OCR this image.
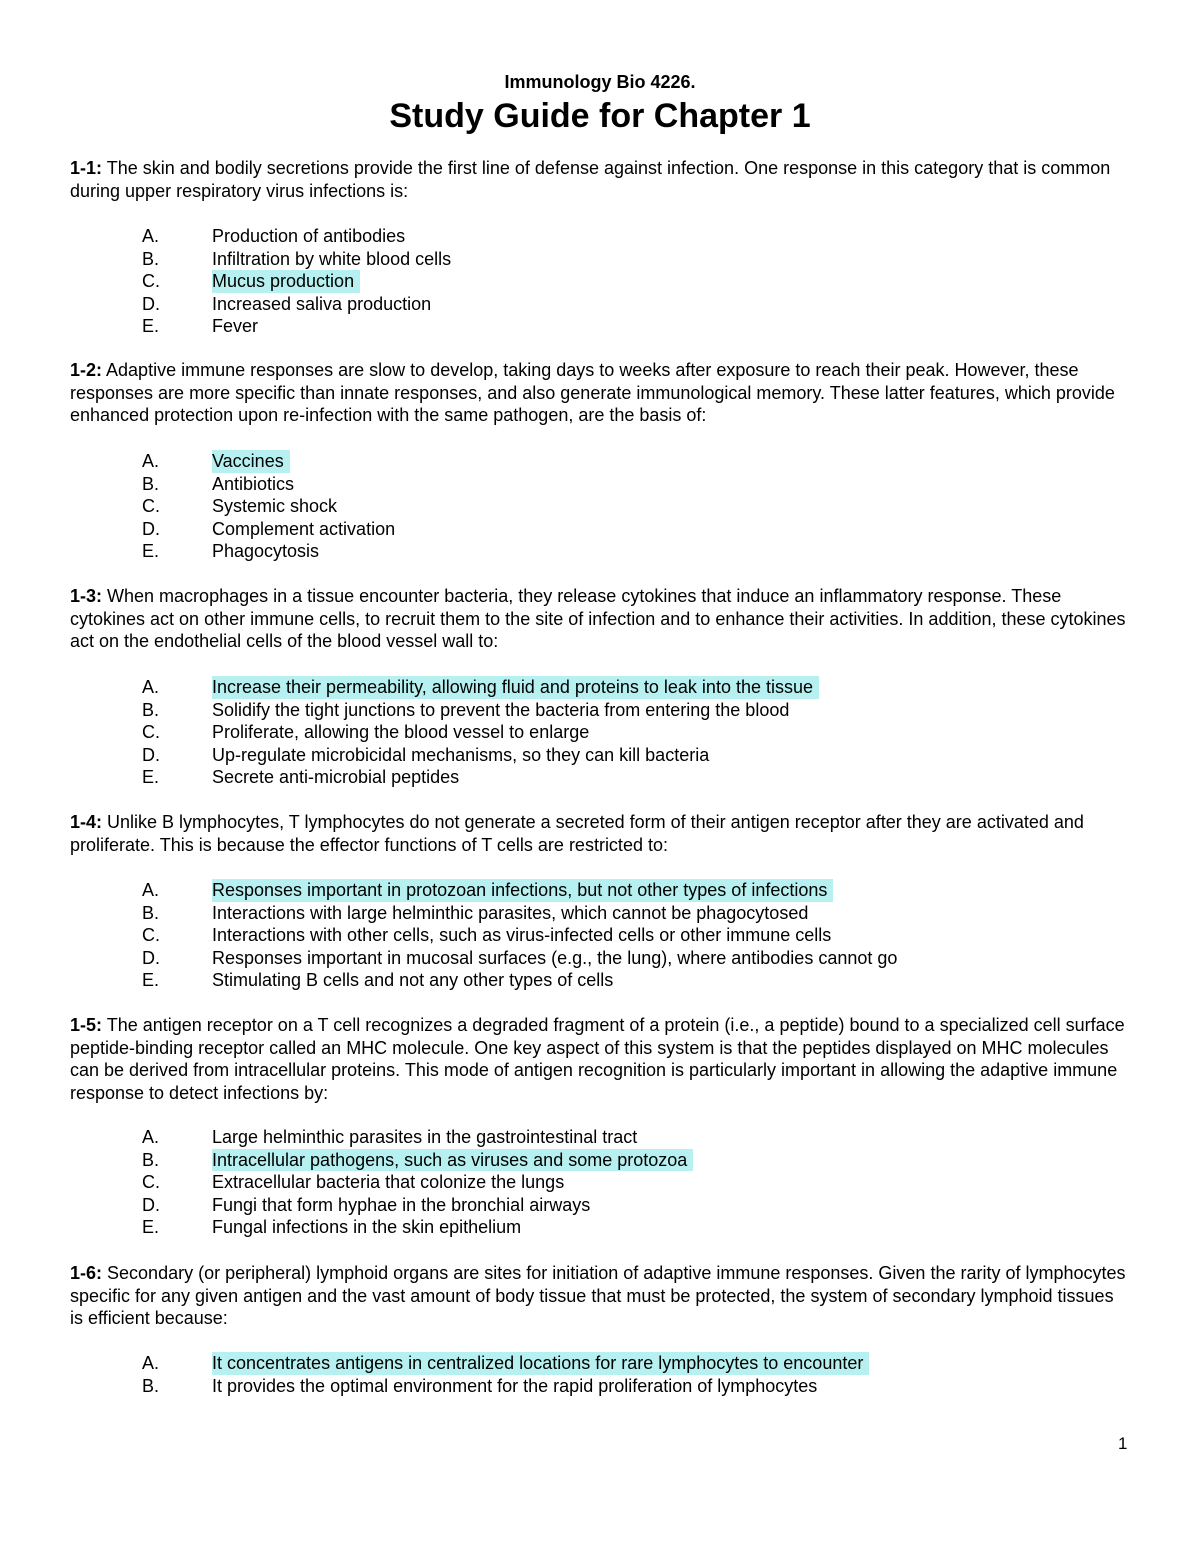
Immunology Bio 4226.
Study Guide for Chapter 1
1-1: The skin and bodily secretions provide the first line of defense against infection. One response in this category that is common during upper respiratory virus infections is:
A.	Production of antibodies
B.	Infiltration by white blood cells
C.	Mucus production
D.	Increased saliva production
E.	Fever
1-2: Adaptive immune responses are slow to develop, taking days to weeks after exposure to reach their peak. However, these responses are more specific than innate responses, and also generate immunological memory. These latter features, which provide enhanced protection upon re-infection with the same pathogen, are the basis of:
A.	Vaccines
B.	Antibiotics
C.	Systemic shock
D.	Complement activation
E.	Phagocytosis
1-3: When macrophages in a tissue encounter bacteria, they release cytokines that induce an inflammatory response. These cytokines act on other immune cells, to recruit them to the site of infection and to enhance their activities. In addition, these cytokines act on the endothelial cells of the blood vessel wall to:
A.	Increase their permeability, allowing fluid and proteins to leak into the tissue
B.	Solidify the tight junctions to prevent the bacteria from entering the blood
C.	Proliferate, allowing the blood vessel to enlarge
D.	Up-regulate microbicidal mechanisms, so they can kill bacteria
E.	Secrete anti-microbial peptides
1-4: Unlike B lymphocytes, T lymphocytes do not generate a secreted form of their antigen receptor after they are activated and proliferate. This is because the effector functions of T cells are restricted to:
A.	Responses important in protozoan infections, but not other types of infections
B.	Interactions with large helminthic parasites, which cannot be phagocytosed
C.	Interactions with other cells, such as virus-infected cells or other immune cells
D.	Responses important in mucosal surfaces (e.g., the lung), where antibodies cannot go
E.	Stimulating B cells and not any other types of cells
1-5: The antigen receptor on a T cell recognizes a degraded fragment of a protein (i.e., a peptide) bound to a specialized cell surface peptide-binding receptor called an MHC molecule. One key aspect of this system is that the peptides displayed on MHC molecules can be derived from intracellular proteins. This mode of antigen recognition is particularly important in allowing the adaptive immune response to detect infections by:
A.	Large helminthic parasites in the gastrointestinal tract
B.	Intracellular pathogens, such as viruses and some protozoa
C.	Extracellular bacteria that colonize the lungs
D.	Fungi that form hyphae in the bronchial airways
E.	Fungal infections in the skin epithelium
1-6: Secondary (or peripheral) lymphoid organs are sites for initiation of adaptive immune responses. Given the rarity of lymphocytes specific for any given antigen and the vast amount of body tissue that must be protected, the system of secondary lymphoid tissues is efficient because:
A.	It concentrates antigens in centralized locations for rare lymphocytes to encounter
B.	It provides the optimal environment for the rapid proliferation of lymphocytes
1
